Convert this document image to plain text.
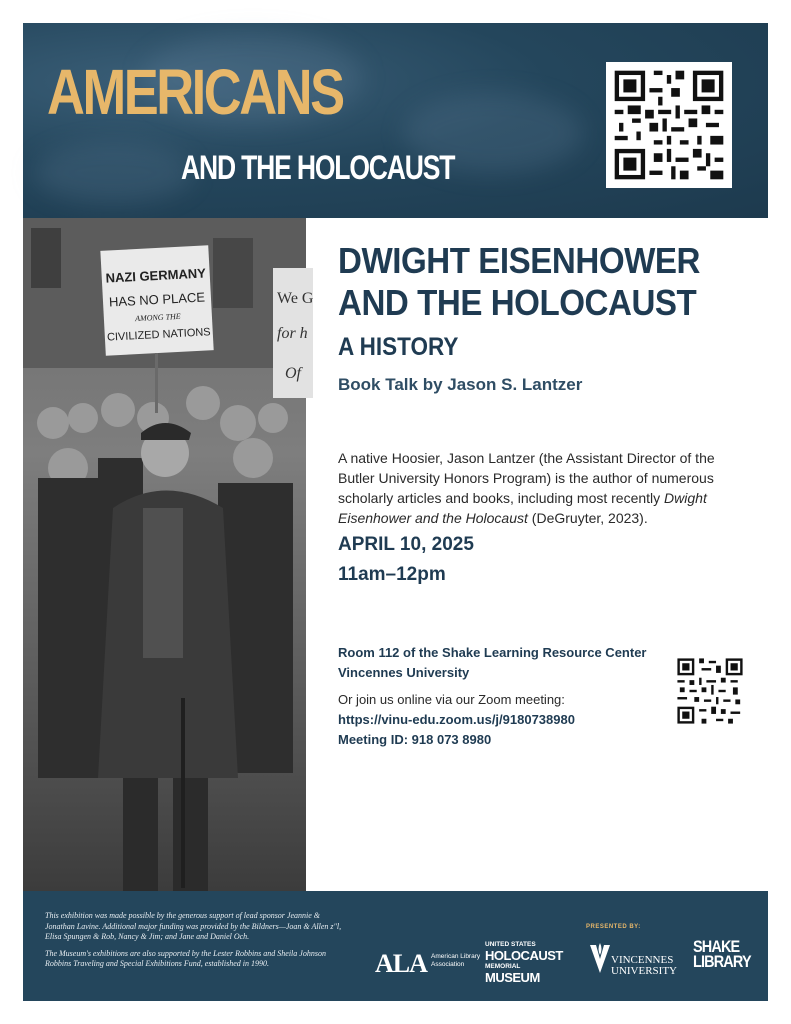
AMERICANS
AND THE HOLOCAUST
NAZI GERMANY
HAS NO PLACE
AMONG THE
CIVILIZED NATIONS
We G
for h
Of
DWIGHT EISENHOWER
AND THE HOLOCAUST
A HISTORY
Book Talk by Jason S. Lantzer
A native Hoosier, Jason Lantzer (the Assistant Director of the Butler University Honors Program) is the author of numerous scholarly articles and books, including most recently Dwight Eisenhower and the Holocaust (DeGruyter, 2023).
APRIL 10, 2025
11am–12pm
Room 112 of the Shake Learning Resource Center
Vincennes University
Or join us online via our Zoom meeting:
https://vinu-edu.zoom.us/j/9180738980
Meeting ID: 918 073 8980

This exhibition was made possible by the generous support of lead sponsor Jeannie & Jonathan Lavine. Additional major funding was provided by the Bildners—Joan & Allen z"l, Elisa Spungen & Rob, Nancy & Jim; and Jane and Daniel Och.

The Museum's exhibitions are also supported by the Lester Robbins and Sheila Johnson Robbins Traveling and Special Exhibitions Fund, established in 1990.	ALA American Library Association
UNITED STATES
HOLOCAUST
MEMORIAL
MUSEUM
PRESENTED BY:
VINCENNES
UNIVERSITY
SHAKE
LIBRARY
